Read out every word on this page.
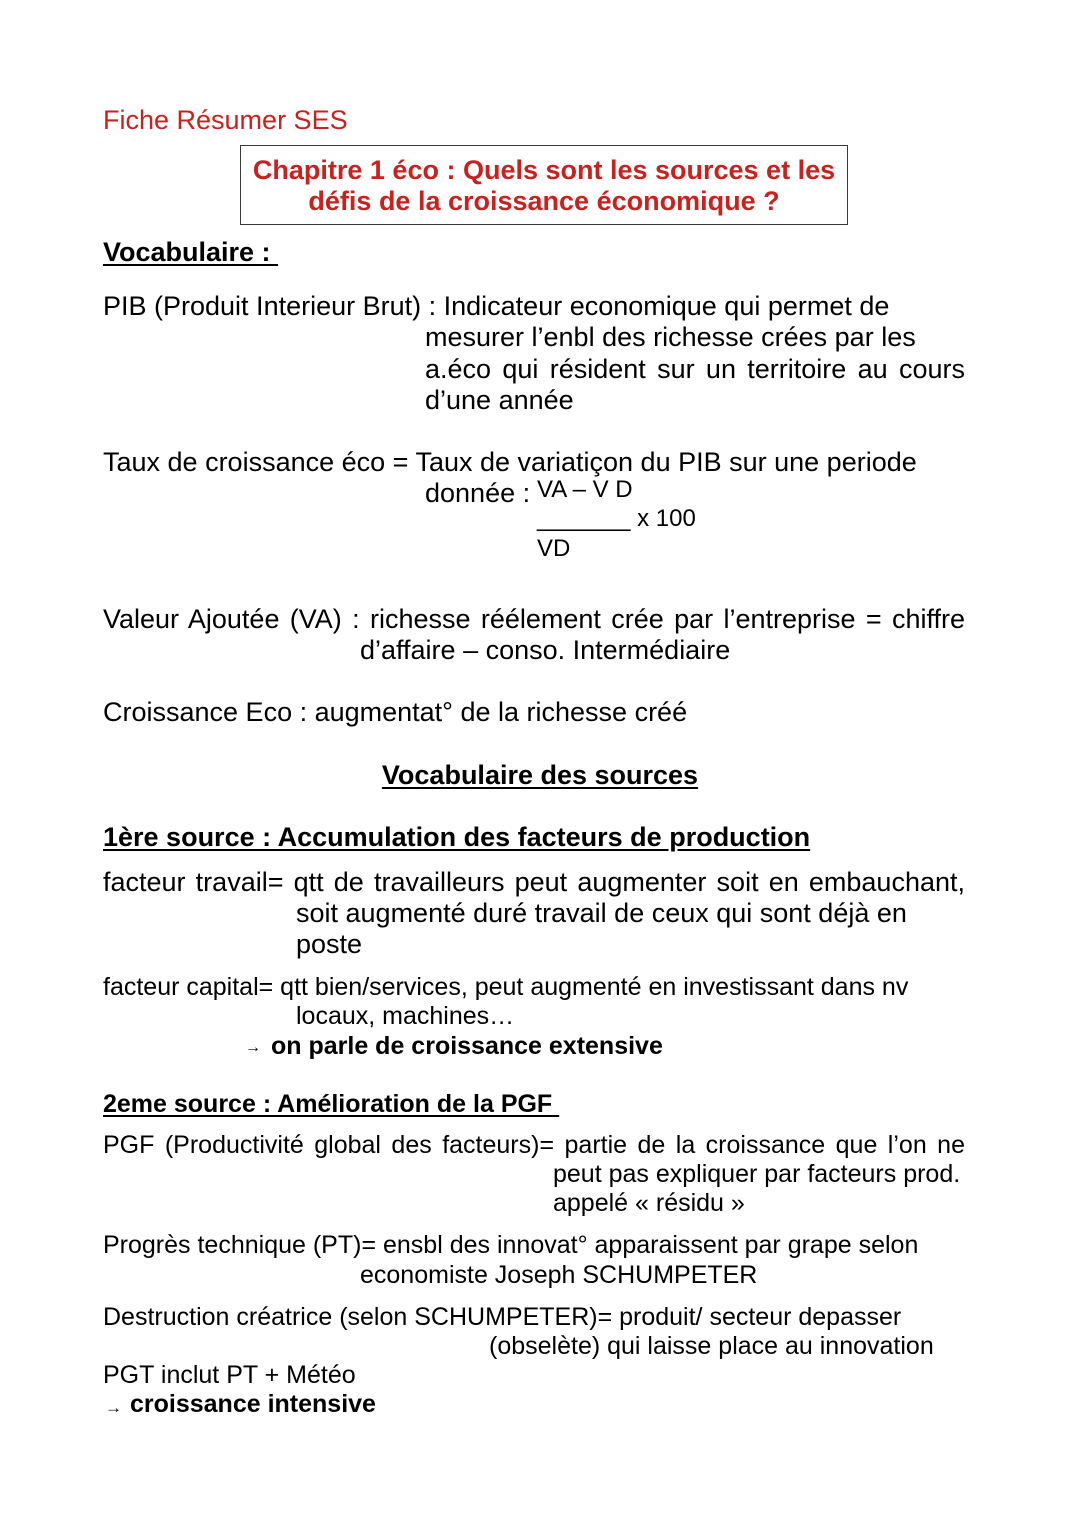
Fiche Résumer SES
Chapitre 1 éco : Quels sont les sources et les
défis de la croissance économique ?
Vocabulaire :
PIB (Produit Interieur Brut) : Indicateur economique qui permet de
mesurer l’enbl des richesse crées par les
a.éco qui résident sur un territoire au cours
d’une année
Taux de croissance éco = Taux de variatiçon du PIB sur une periode
donnée : VA – V D
_______ x 100
VD
Valeur Ajoutée (VA) : richesse réélement crée par l’entreprise = chiffre
d’affaire – conso. Intermédiaire
Croissance Eco : augmentat° de la richesse créé
Vocabulaire des sources
1ère source : Accumulation des facteurs de production
facteur travail= qtt de travailleurs peut augmenter soit en embauchant,
soit augmenté duré travail de ceux qui sont déjà en
poste
facteur capital= qtt bien/services, peut augmenté en investissant dans nv
locaux, machines…
→ on parle de croissance extensive
2eme source : Amélioration de la PGF
PGF (Productivité global des facteurs)= partie de la croissance que l’on ne
peut pas expliquer par facteurs prod.
appelé « résidu »
Progrès technique (PT)= ensbl des innovat° apparaissent par grape selon
economiste Joseph SCHUMPETER
Destruction créatrice (selon SCHUMPETER)= produit/ secteur depasser
(obselète) qui laisse place au innovation
PGT inclut PT + Météo
→ croissance intensive
